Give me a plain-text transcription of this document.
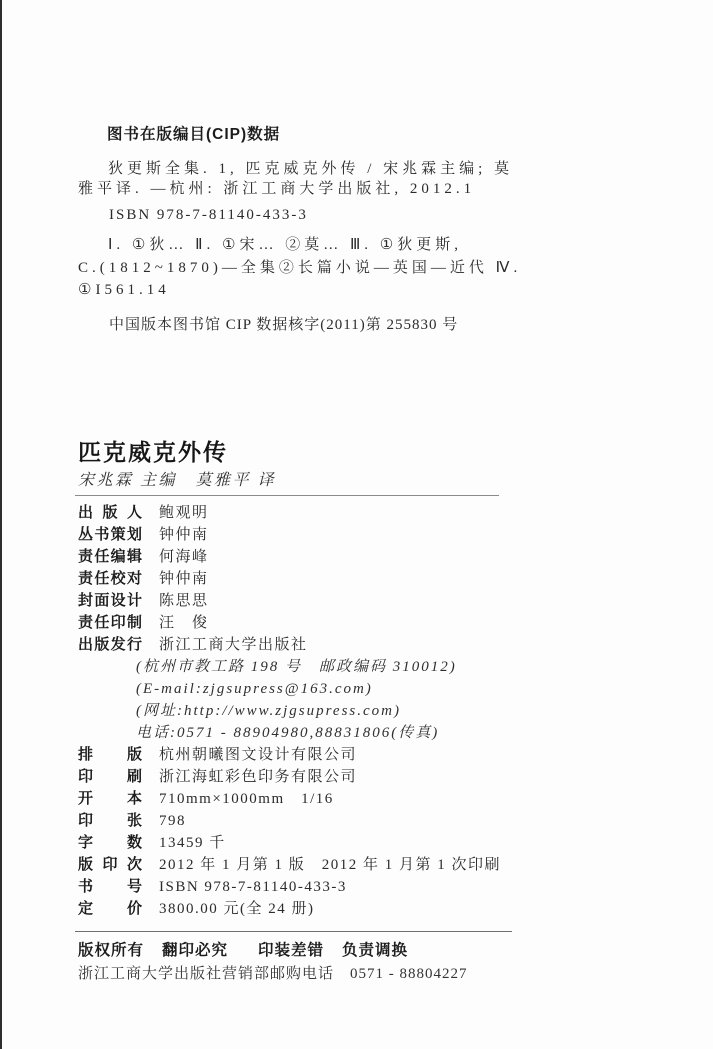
图书在版编目(CIP)数据

狄更斯全集. 1, 匹克威克外传 / 宋兆霖主编; 莫
雅平译. —杭州: 浙江工商大学出版社, 2012.1
ISBN 978-7-81140-433-3
Ⅰ. ①狄… Ⅱ. ①宋… ②莫… Ⅲ. ①狄更斯,
C.(1812~1870)—全集②长篇小说—英国—近代 Ⅳ.
①I561.14
中国版本图书馆 CIP 数据核字(2011)第 255830 号
匹克威克外传
宋兆霖 主编　莫雅平 译
出版人 鲍观明
丛书策划 钟仲南
责任编辑 何海峰
责任校对 钟仲南
封面设计 陈思思
责任印制 汪　俊
出版发行 浙江工商大学出版社
(杭州市教工路 198 号　邮政编码 310012)
(E-mail:zjgsupress@163.com)
(网址:http://www.zjgsupress.com)
电话:0571 - 88904980,88831806(传真)
排版 杭州朝曦图文设计有限公司
印刷 浙江海虹彩色印务有限公司
开本 710mm×1000mm　1/16
印张 798
字数 13459 千
版印次 2012 年 1 月第 1 版　2012 年 1 月第 1 次印刷
书号 ISBN 978-7-81140-433-3
定价 3800.00 元(全 24 册)
版权所有 翻印必究 印装差错 负责调换
浙江工商大学出版社营销部邮购电话　0571 - 88804227
